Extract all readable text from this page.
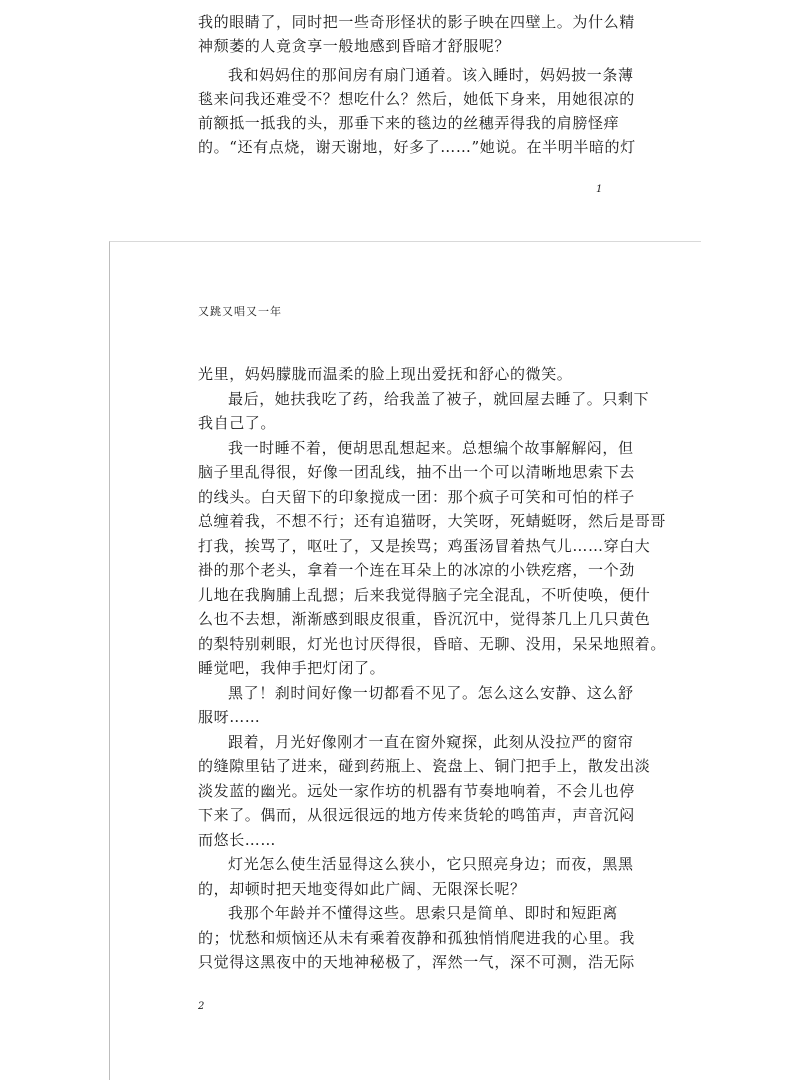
我的眼睛了，同时把一些奇形怪状的影子映在四壁上。为什么精
神颓萎的人竟贪享一般地感到昏暗才舒服呢？
我和妈妈住的那间房有扇门通着。该入睡时，妈妈披一条薄
毯来问我还难受不？想吃什么？然后，她低下身来，用她很凉的
前额抵一抵我的头，那垂下来的毯边的丝穗弄得我的肩膀怪痒
的。“还有点烧，谢天谢地，好多了……”她说。在半明半暗的灯
1
又跳又唱又一年
光里，妈妈朦胧而温柔的脸上现出爱抚和舒心的微笑。
最后，她扶我吃了药，给我盖了被子，就回屋去睡了。只剩下
我自己了。
我一时睡不着，便胡思乱想起来。总想编个故事解解闷，但
脑子里乱得很，好像一团乱线，抽不出一个可以清晰地思索下去
的线头。白天留下的印象搅成一团：那个疯子可笑和可怕的样子
总缠着我，不想不行；还有追猫呀，大笑呀，死蜻蜓呀，然后是哥哥
打我，挨骂了，呕吐了，又是挨骂；鸡蛋汤冒着热气儿……穿白大
褂的那个老头，拿着一个连在耳朵上的冰凉的小铁疙瘩，一个劲
儿地在我胸脯上乱摁；后来我觉得脑子完全混乱，不听使唤，便什
么也不去想，渐渐感到眼皮很重，昏沉沉中，觉得茶几上几只黄色
的梨特别刺眼，灯光也讨厌得很，昏暗、无聊、没用，呆呆地照着。
睡觉吧，我伸手把灯闭了。
黑了！刹时间好像一切都看不见了。怎么这么安静、这么舒
服呀……
跟着，月光好像刚才一直在窗外窥探，此刻从没拉严的窗帘
的缝隙里钻了进来，碰到药瓶上、瓷盘上、铜门把手上，散发出淡
淡发蓝的幽光。远处一家作坊的机器有节奏地响着，不会儿也停
下来了。偶而，从很远很远的地方传来货轮的鸣笛声，声音沉闷
而悠长……
灯光怎么使生活显得这么狭小，它只照亮身边；而夜，黑黑
的，却顿时把天地变得如此广阔、无限深长呢？
我那个年龄并不懂得这些。思索只是简单、即时和短距离
的；忧愁和烦恼还从未有乘着夜静和孤独悄悄爬进我的心里。我
只觉得这黑夜中的天地神秘极了，浑然一气，深不可测，浩无际
2
